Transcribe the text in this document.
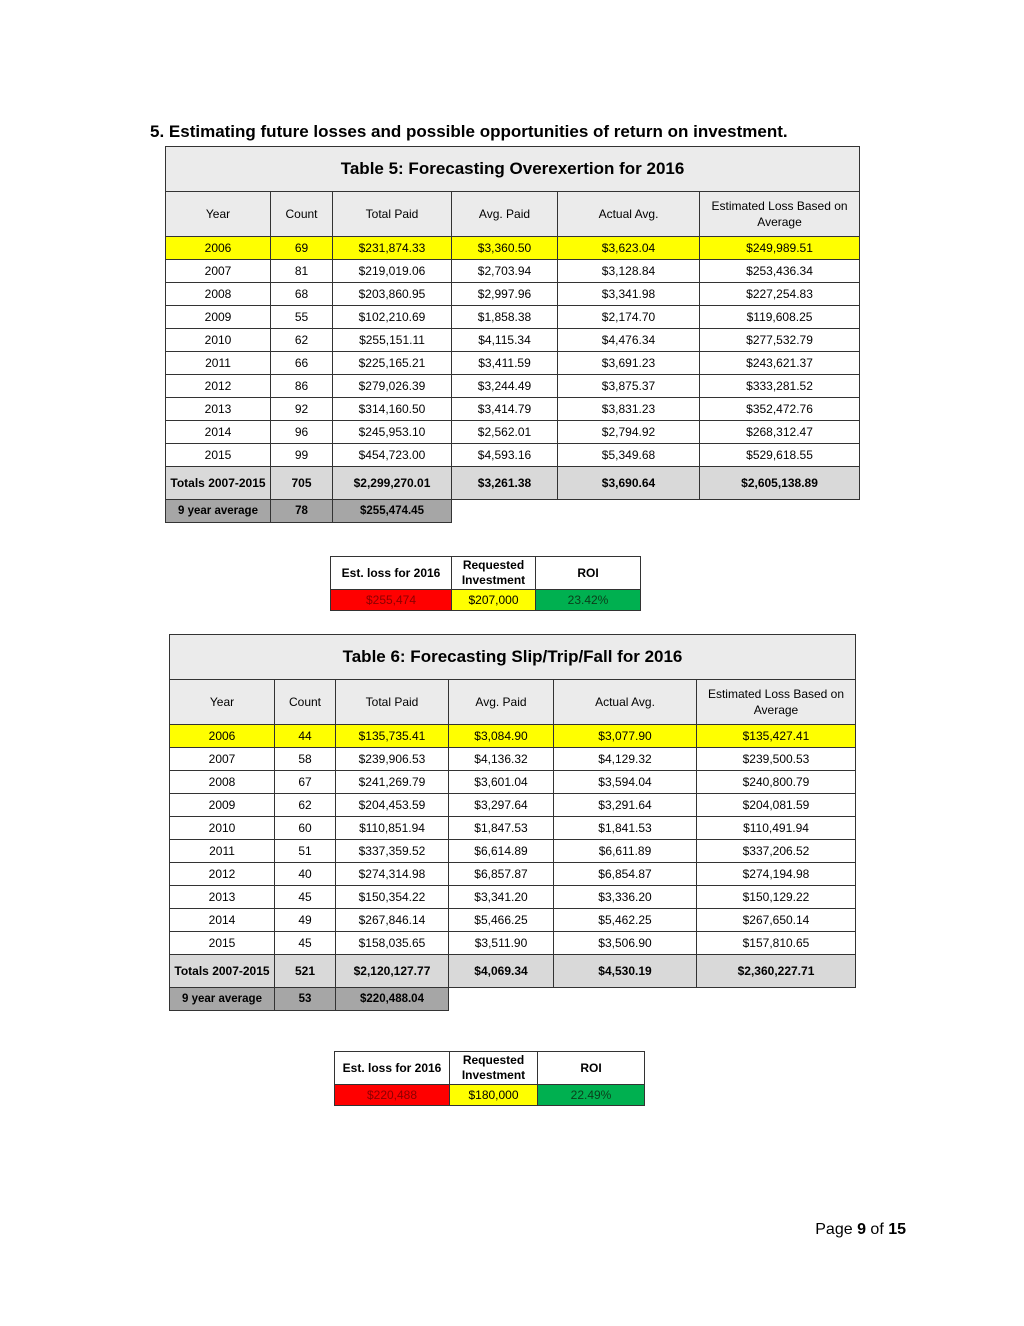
5. Estimating future losses and possible opportunities of return on investment.
Table 5: Forecasting Overexertion for 2016					
Year	Count	Total Paid	Avg. Paid	Actual Avg.	Estimated Loss Based on Average
2006	69	$231,874.33	$3,360.50	$3,623.04	$249,989.51
2007	81	$219,019.06	$2,703.94	$3,128.84	$253,436.34
2008	68	$203,860.95	$2,997.96	$3,341.98	$227,254.83
2009	55	$102,210.69	$1,858.38	$2,174.70	$119,608.25
2010	62	$255,151.11	$4,115.34	$4,476.34	$277,532.79
2011	66	$225,165.21	$3,411.59	$3,691.23	$243,621.37
2012	86	$279,026.39	$3,244.49	$3,875.37	$333,281.52
2013	92	$314,160.50	$3,414.79	$3,831.23	$352,472.76
2014	96	$245,953.10	$2,562.01	$2,794.92	$268,312.47
2015	99	$454,723.00	$4,593.16	$5,349.68	$529,618.55
Totals 2007-2015	705	$2,299,270.01	$3,261.38	$3,690.64	$2,605,138.89
9 year average	78	$255,474.45			
Est. loss for 2016	Requested Investment	ROI
$255,474	$207,000	23.42%
Table 6: Forecasting Slip/Trip/Fall for 2016					
Year	Count	Total Paid	Avg. Paid	Actual Avg.	Estimated Loss Based on Average
2006	44	$135,735.41	$3,084.90	$3,077.90	$135,427.41
2007	58	$239,906.53	$4,136.32	$4,129.32	$239,500.53
2008	67	$241,269.79	$3,601.04	$3,594.04	$240,800.79
2009	62	$204,453.59	$3,297.64	$3,291.64	$204,081.59
2010	60	$110,851.94	$1,847.53	$1,841.53	$110,491.94
2011	51	$337,359.52	$6,614.89	$6,611.89	$337,206.52
2012	40	$274,314.98	$6,857.87	$6,854.87	$274,194.98
2013	45	$150,354.22	$3,341.20	$3,336.20	$150,129.22
2014	49	$267,846.14	$5,466.25	$5,462.25	$267,650.14
2015	45	$158,035.65	$3,511.90	$3,506.90	$157,810.65
Totals 2007-2015	521	$2,120,127.77	$4,069.34	$4,530.19	$2,360,227.71
9 year average	53	$220,488.04			
Est. loss for 2016	Requested Investment	ROI
$220,488	$180,000	22.49%
Page 9 of 15
